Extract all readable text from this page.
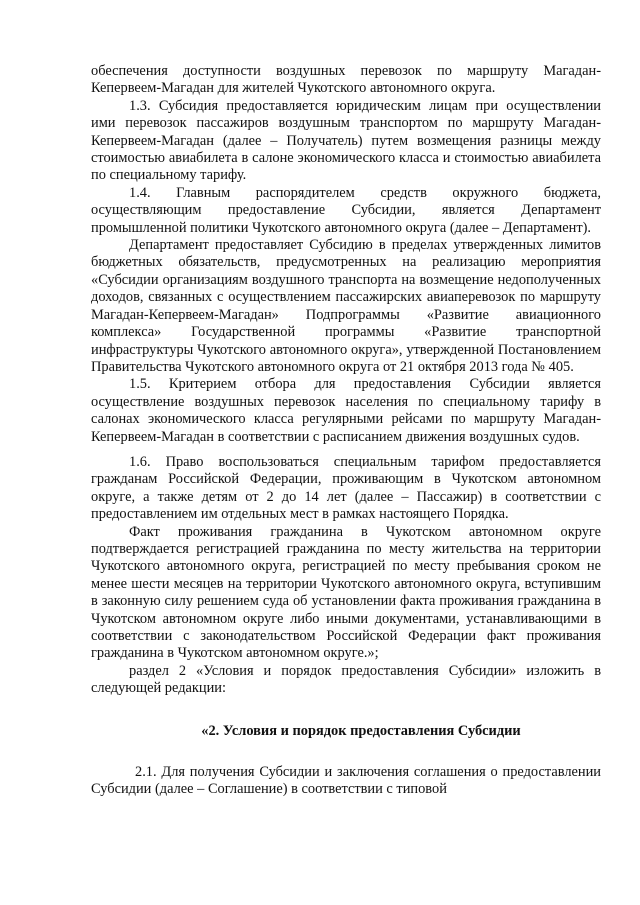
обеспечения доступности воздушных перевозок по маршруту Магадан-Кепервеем-Магадан для жителей Чукотского автономного округа.

1.3. Субсидия предоставляется юридическим лицам при осуществлении ими перевозок пассажиров воздушным транспортом по маршруту Магадан-Кепервеем-Магадан (далее – Получатель) путем возмещения разницы между стоимостью авиабилета в салоне экономического класса и стоимостью авиабилета по специальному тарифу.

1.4. Главным распорядителем средств окружного бюджета, осуществляющим предоставление Субсидии, является Департамент промышленной политики Чукотского автономного округа (далее – Департамент).

Департамент предоставляет Субсидию в пределах утвержденных лимитов бюджетных обязательств, предусмотренных на реализацию мероприятия «Субсидии организациям воздушного транспорта на возмещение недополученных доходов, связанных с осуществлением пассажирских авиаперевозок по маршруту Магадан-Кепервеем-Магадан» Подпрограммы «Развитие авиационного комплекса» Государственной программы «Развитие транспортной инфраструктуры Чукотского автономного округа», утвержденной Постановлением Правительства Чукотского автономного округа от 21 октября 2013 года № 405.

1.5. Критерием отбора для предоставления Субсидии является осуществление воздушных перевозок населения по специальному тарифу в салонах экономического класса регулярными рейсами по маршруту Магадан-Кепервеем-Магадан в соответствии с расписанием движения воздушных судов.

1.6. Право воспользоваться специальным тарифом предоставляется гражданам Российской Федерации, проживающим в Чукотском автономном округе, а также детям от 2 до 14 лет (далее – Пассажир) в соответствии с предоставлением им отдельных мест в рамках настоящего Порядка.

Факт проживания гражданина в Чукотском автономном округе подтверждается регистрацией гражданина по месту жительства на территории Чукотского автономного округа, регистрацией по месту пребывания сроком не менее шести месяцев на территории Чукотского автономного округа, вступившим в законную силу решением суда об установлении факта проживания гражданина в Чукотском автономном округе либо иными документами, устанавливающими в соответствии с законодательством Российской Федерации факт проживания гражданина в Чукотском автономном округе.»;

раздел 2 «Условия и порядок предоставления Субсидии» изложить в следующей редакции:

«2. Условия и порядок предоставления Субсидии

2.1. Для получения Субсидии и заключения соглашения о предоставлении Субсидии (далее – Соглашение) в соответствии с типовой
